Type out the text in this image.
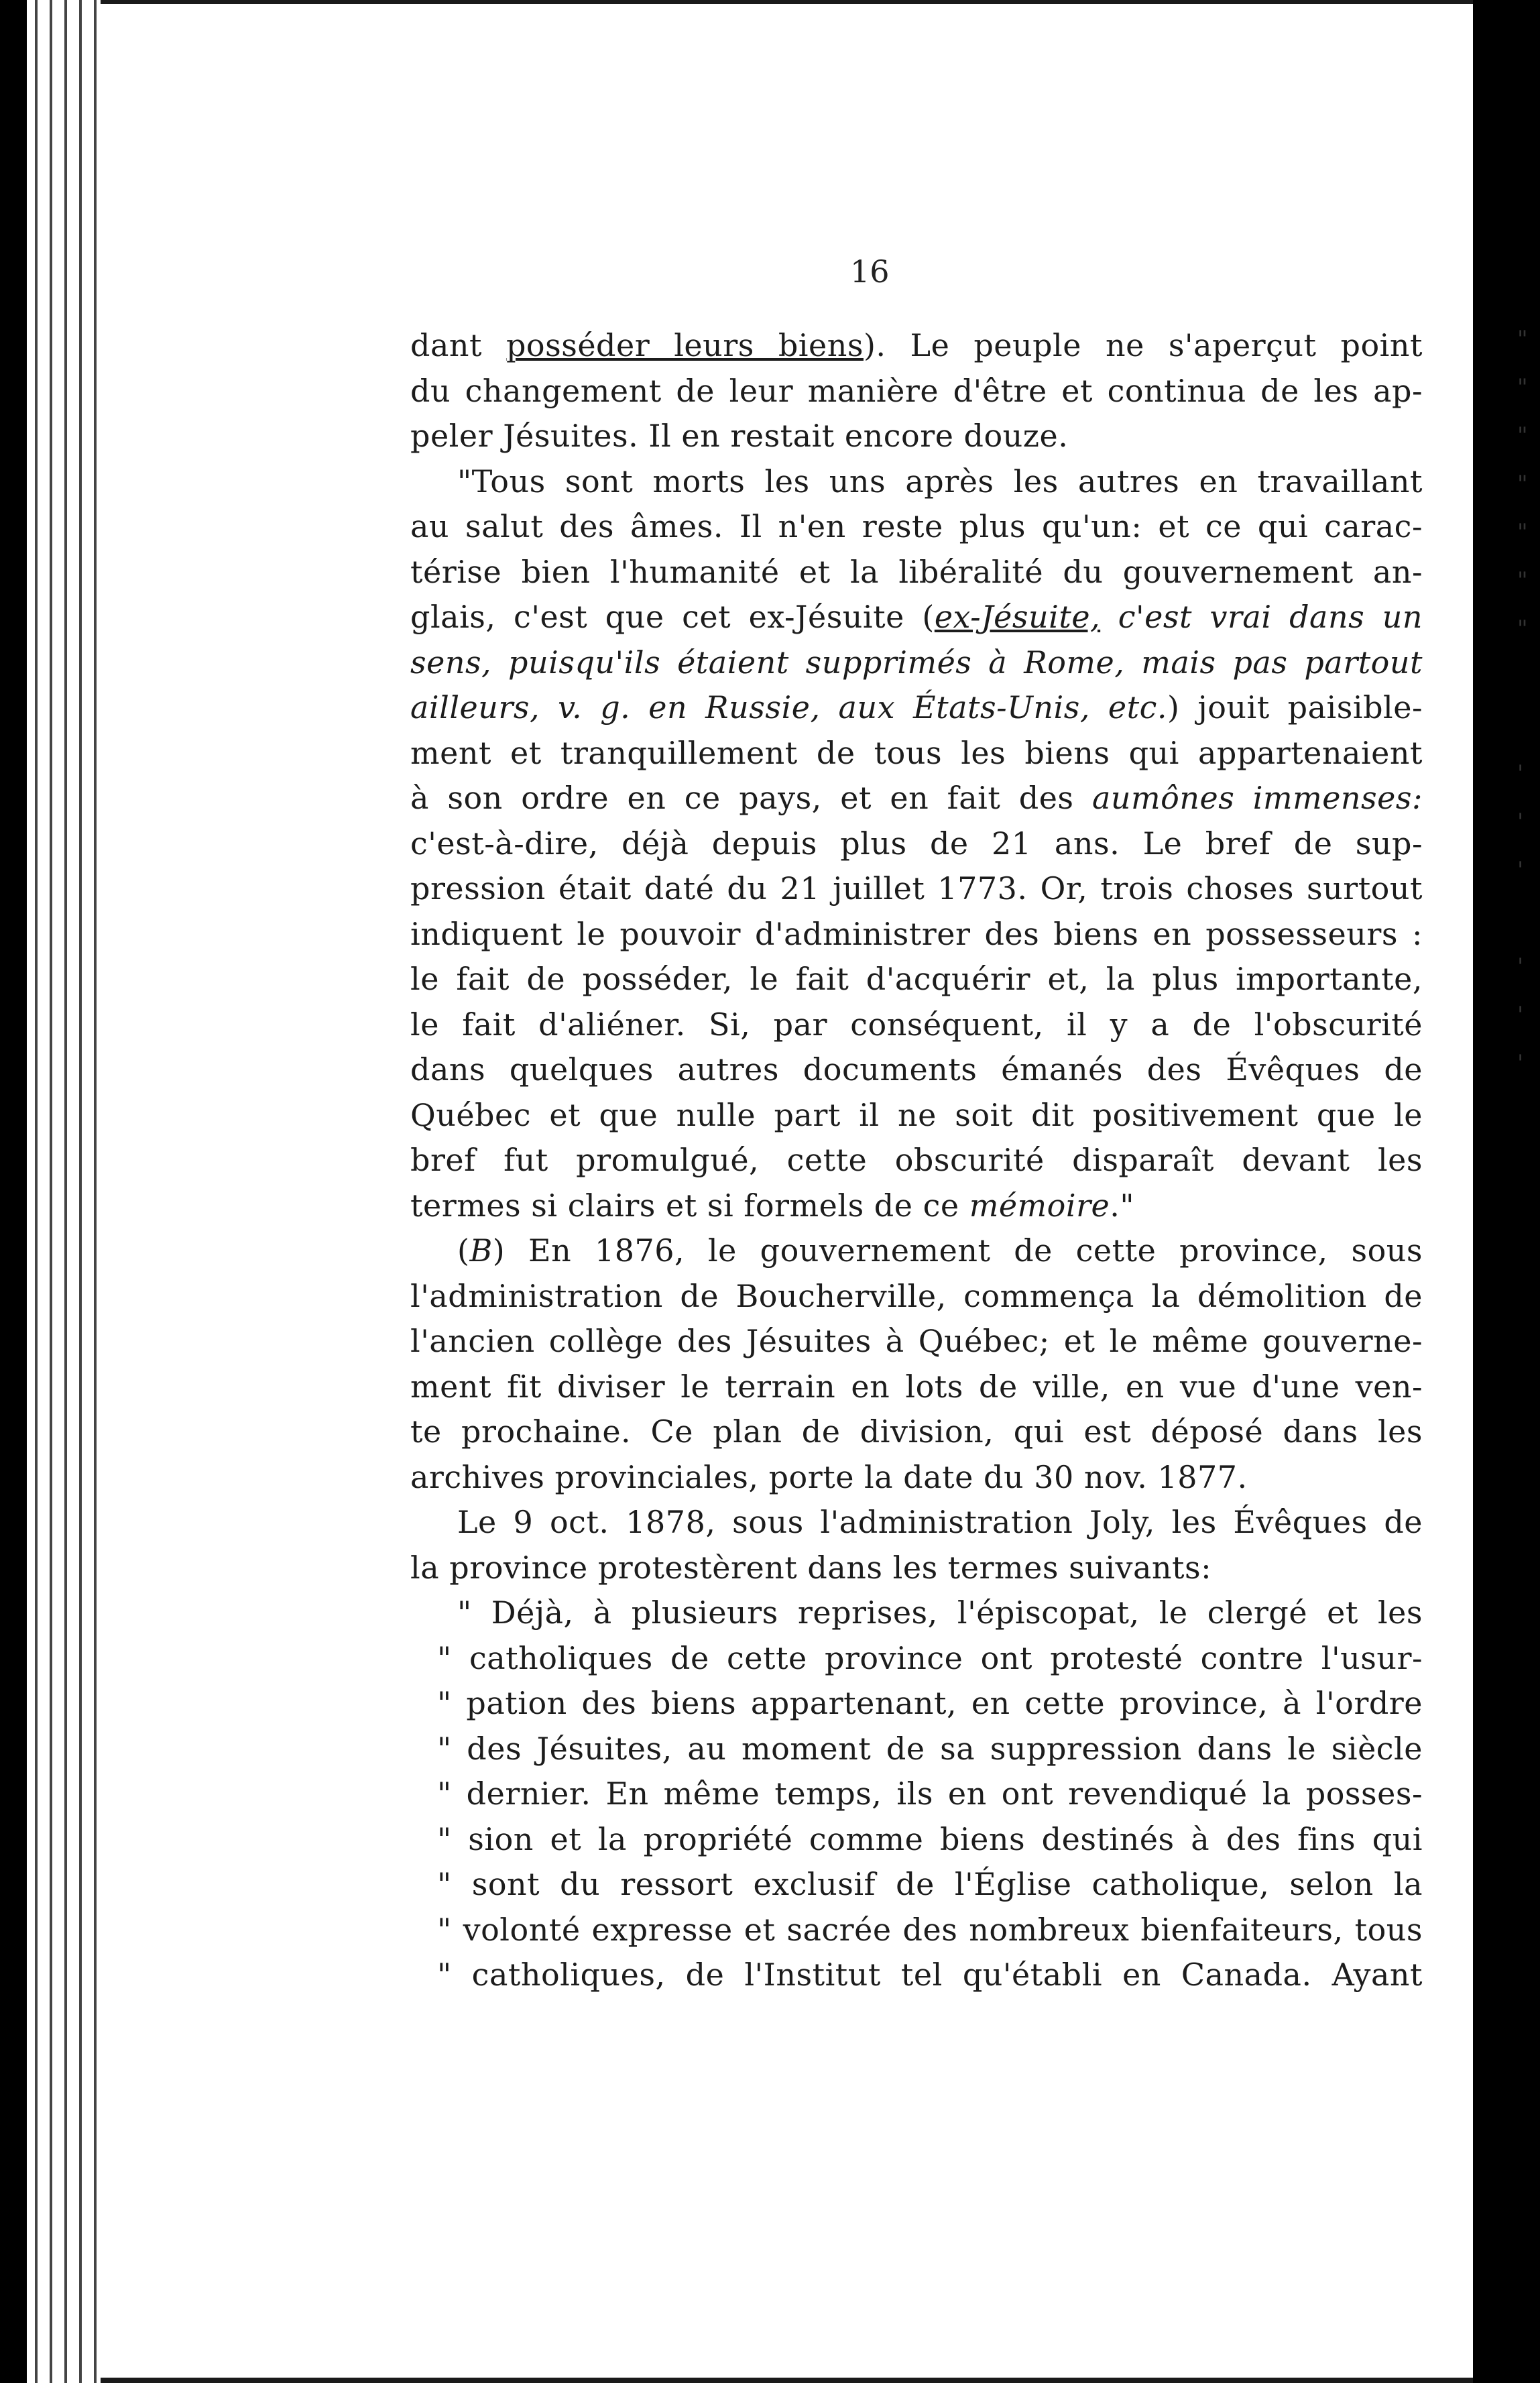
"
"
"
"
"
"
"
'
'
'
'
'
'
16
dant posséder leurs biens). Le peuple ne s'aperçut point
du changement de leur manière d'être et continua de les ap-
peler Jésuites. Il en restait encore douze.
"Tous sont morts les uns après les autres en travaillant
au salut des âmes. Il n'en reste plus qu'un: et ce qui carac-
térise bien l'humanité et la libéralité du gouvernement an-
glais, c'est que cet ex-Jésuite (ex-Jésuite, c'est vrai dans un
sens, puisqu'ils étaient supprimés à Rome, mais pas partout
ailleurs, v. g. en Russie, aux États-Unis, etc.) jouit paisible-
ment et tranquillement de tous les biens qui appartenaient
à son ordre en ce pays, et en fait des aumônes immenses:
c'est-à-dire, déjà depuis plus de 21 ans. Le bref de sup-
pression était daté du 21 juillet 1773. Or, trois choses surtout
indiquent le pouvoir d'administrer des biens en possesseurs :
le fait de posséder, le fait d'acquérir et, la plus importante,
le fait d'aliéner. Si, par conséquent, il y a de l'obscurité
dans quelques autres documents émanés des Évêques de
Québec et que nulle part il ne soit dit positivement que le
bref fut promulgué, cette obscurité disparaît devant les
termes si clairs et si formels de ce mémoire."
(B) En 1876, le gouvernement de cette province, sous
l'administration de Boucherville, commença la démolition de
l'ancien collège des Jésuites à Québec; et le même gouverne-
ment fit diviser le terrain en lots de ville, en vue d'une ven-
te prochaine. Ce plan de division, qui est déposé dans les
archives provinciales, porte la date du 30 nov. 1877.
Le 9 oct. 1878, sous l'administration Joly, les Évêques de
la province protestèrent dans les termes suivants:
" Déjà, à plusieurs reprises, l'épiscopat, le clergé et les
" catholiques de cette province ont protesté contre l'usur-
" pation des biens appartenant, en cette province, à l'ordre
" des Jésuites, au moment de sa suppression dans le siècle
" dernier. En même temps, ils en ont revendiqué la posses-
" sion et la propriété comme biens destinés à des fins qui
" sont du ressort exclusif de l'Église catholique, selon la
" volonté expresse et sacrée des nombreux bienfaiteurs, tous
" catholiques, de l'Institut tel qu'établi en Canada. Ayant
